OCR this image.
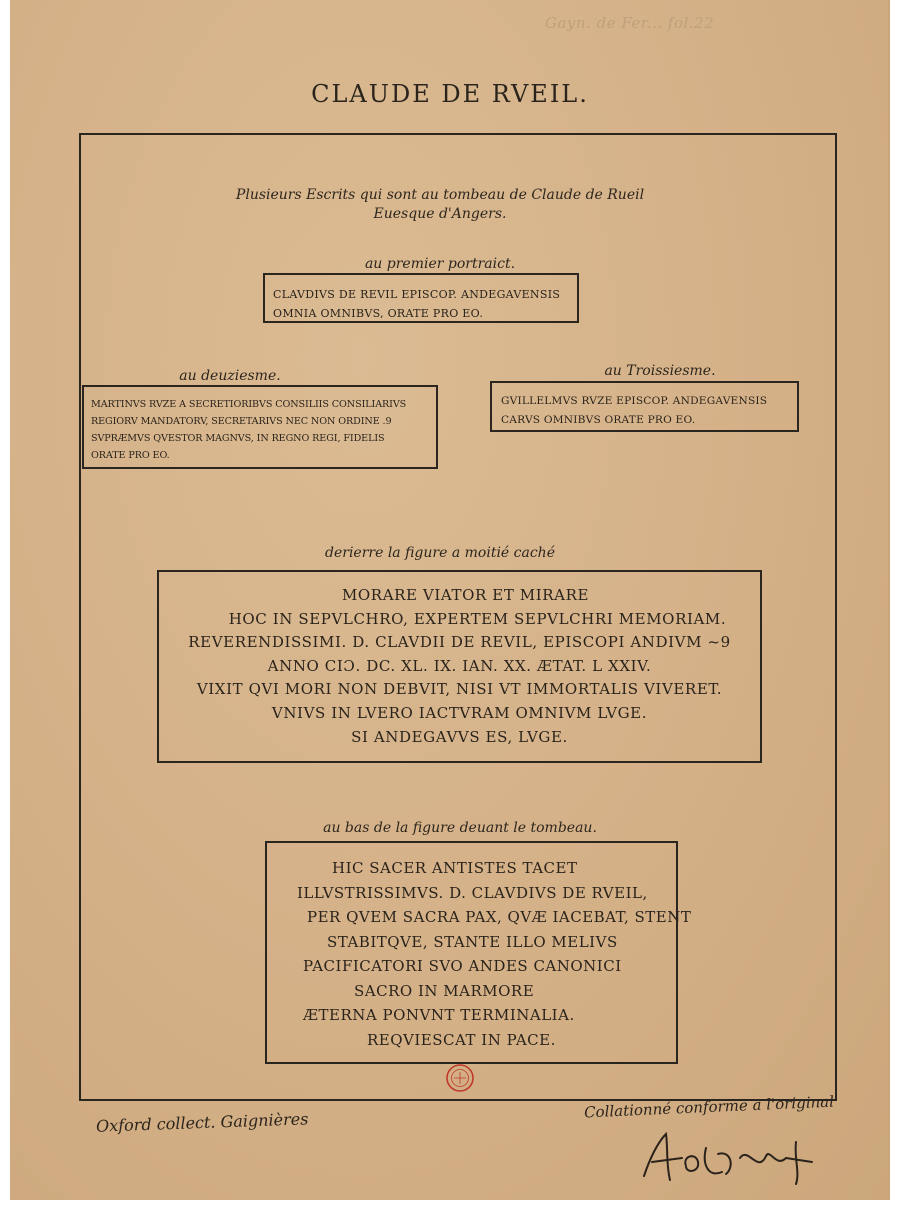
Gayn. de Fer... fol.22
CLAUDE DE RVEIL.
Plusieurs Escrits qui sont au tombeau de Claude de Rueil
Euesque d'Angers.
au premier portraict.
CLAVDIVS DE REVIL EPISCOP. ANDEGAVENSIS
OMNIA OMNIBVS, ORATE PRO EO.
au deuziesme.
MARTINVS RVZE A SECRETIORIBVS CONSILIIS CONSILIARIVS
REGIORV MANDATORV, SECRETARIVS NEC NON ORDINE .9
SVPRÆMVS QVESTOR MAGNVS, IN REGNO REGI, FIDELIS
ORATE PRO EO.
au Troissiesme.
GVILLELMVS RVZE EPISCOP. ANDEGAVENSIS
CARVS OMNIBVS ORATE PRO EO.
derierre la figure a moitié caché
MORARE VIATOR ET MIRARE
HOC IN SEPVLCHRO, EXPERTEM SEPVLCHRI MEMORIAM.
REVERENDISSIMI. D. CLAVDII DE REVIL, EPISCOPI ANDIVM ~9
ANNO CIƆ. DC. XL. IX. IAN. XX. ÆTAT. L XXIV.
VIXIT QVI MORI NON DEBVIT, NISI VT IMMORTALIS VIVERET.
VNIVS IN LVERO IACTVRAM OMNIVM LVGE.
SI ANDEGAVVS ES, LVGE.
au bas de la figure deuant le tombeau.
HIC SACER ANTISTES TACET
ILLVSTRISSIMVS. D. CLAVDIVS DE RVEIL,
PER QVEM SACRA PAX, QVÆ IACEBAT, STENT
STABITQVE, STANTE ILLO MELIVS
PACIFICATORI SVO ANDES CANONICI
SACRO IN MARMORE
ÆTERNA PONVNT TERMINALIA.
REQVIESCAT IN PACE.
Oxford collect. Gaignières
Collationné conforme a l'original
